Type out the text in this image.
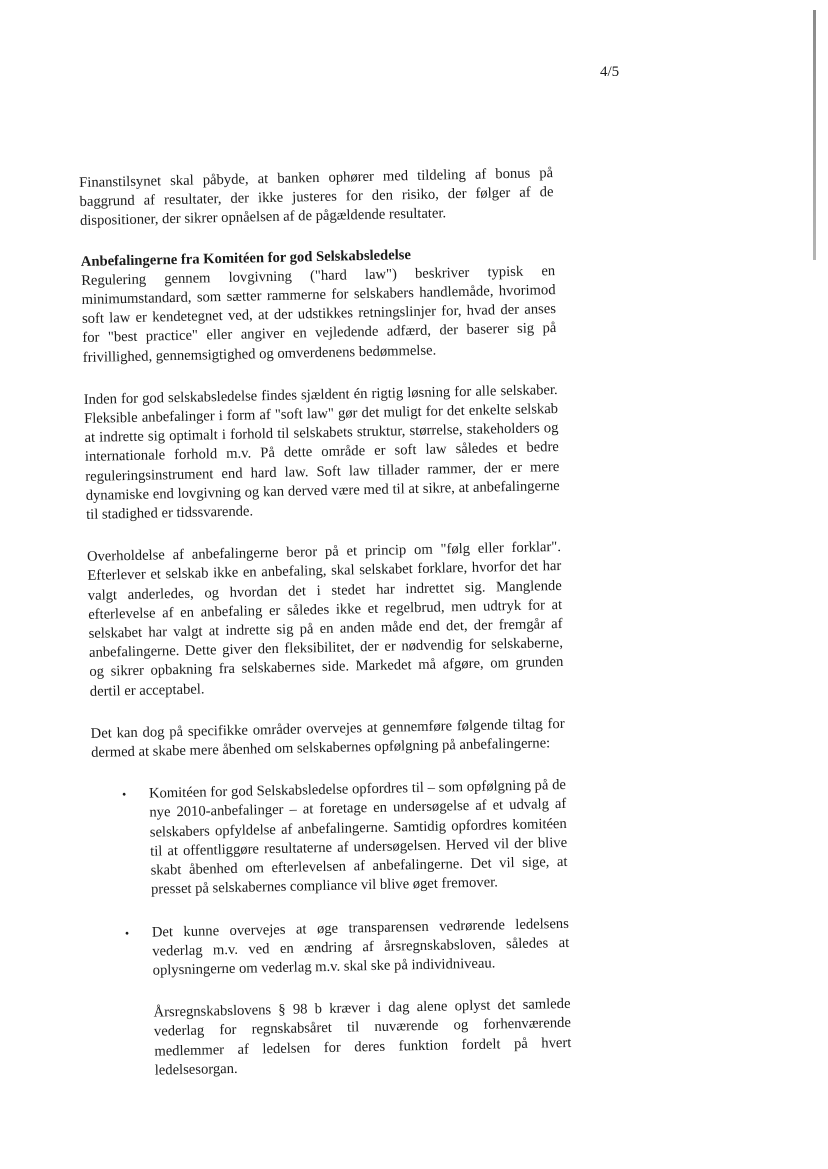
4/5

Finanstilsynet skal påbyde, at banken ophører med tildeling af bonus på baggrund af resultater, der ikke justeres for den risiko, der følger af de dispositioner, der sikrer opnåelsen af de pågældende resultater.

Anbefalingerne fra Komitéen for god Selskabsledelse

Regulering gennem lovgivning ("hard law") beskriver typisk en minimumstandard, som sætter rammerne for selskabers handlemåde, hvorimod soft law er kendetegnet ved, at der udstikkes retningslinjer for, hvad der anses for "best practice" eller angiver en vejledende adfærd, der baserer sig på frivillighed, gennemsigtighed og omverdenens bedømmelse.

Inden for god selskabsledelse findes sjældent én rigtig løsning for alle selskaber. Fleksible anbefalinger i form af "soft law" gør det muligt for det enkelte selskab at indrette sig optimalt i forhold til selskabets struktur, størrelse, stakeholders og internationale forhold m.v. På dette område er soft law således et bedre reguleringsinstrument end hard law. Soft law tillader rammer, der er mere dynamiske end lovgivning og kan derved være med til at sikre, at anbefalingerne til stadighed er tidssvarende.

Overholdelse af anbefalingerne beror på et princip om "følg eller forklar". Efterlever et selskab ikke en anbefaling, skal selskabet forklare, hvorfor det har valgt anderledes, og hvordan det i stedet har indrettet sig. Manglende efterlevelse af en anbefaling er således ikke et regelbrud, men udtryk for at selskabet har valgt at indrette sig på en anden måde end det, der fremgår af anbefalingerne. Dette giver den fleksibilitet, der er nødvendig for selskaberne, og sikrer opbakning fra selskabernes side. Markedet må afgøre, om grunden dertil er acceptabel.

Det kan dog på specifikke områder overvejes at gennemføre følgende tiltag for dermed at skabe mere åbenhed om selskabernes opfølgning på anbefalingerne:

• Komitéen for god Selskabsledelse opfordres til – som opfølgning på de nye 2010-anbefalinger – at foretage en undersøgelse af et udvalg af selskabers opfyldelse af anbefalingerne. Samtidig opfordres komitéen til at offentliggøre resultaterne af undersøgelsen. Herved vil der blive skabt åbenhed om efterlevelsen af anbefalingerne. Det vil sige, at presset på selskabernes compliance vil blive øget fremover.
• Det kunne overvejes at øge transparensen vedrørende ledelsens vederlag m.v. ved en ændring af årsregnskabsloven, således at oplysningerne om vederlag m.v. skal ske på individniveau.
Årsregnskabslovens § 98 b kræver i dag alene oplyst det samlede vederlag for regnskabsåret til nuværende og forhenværende medlemmer af ledelsen for deres funktion fordelt på hvert ledelsesorgan.
